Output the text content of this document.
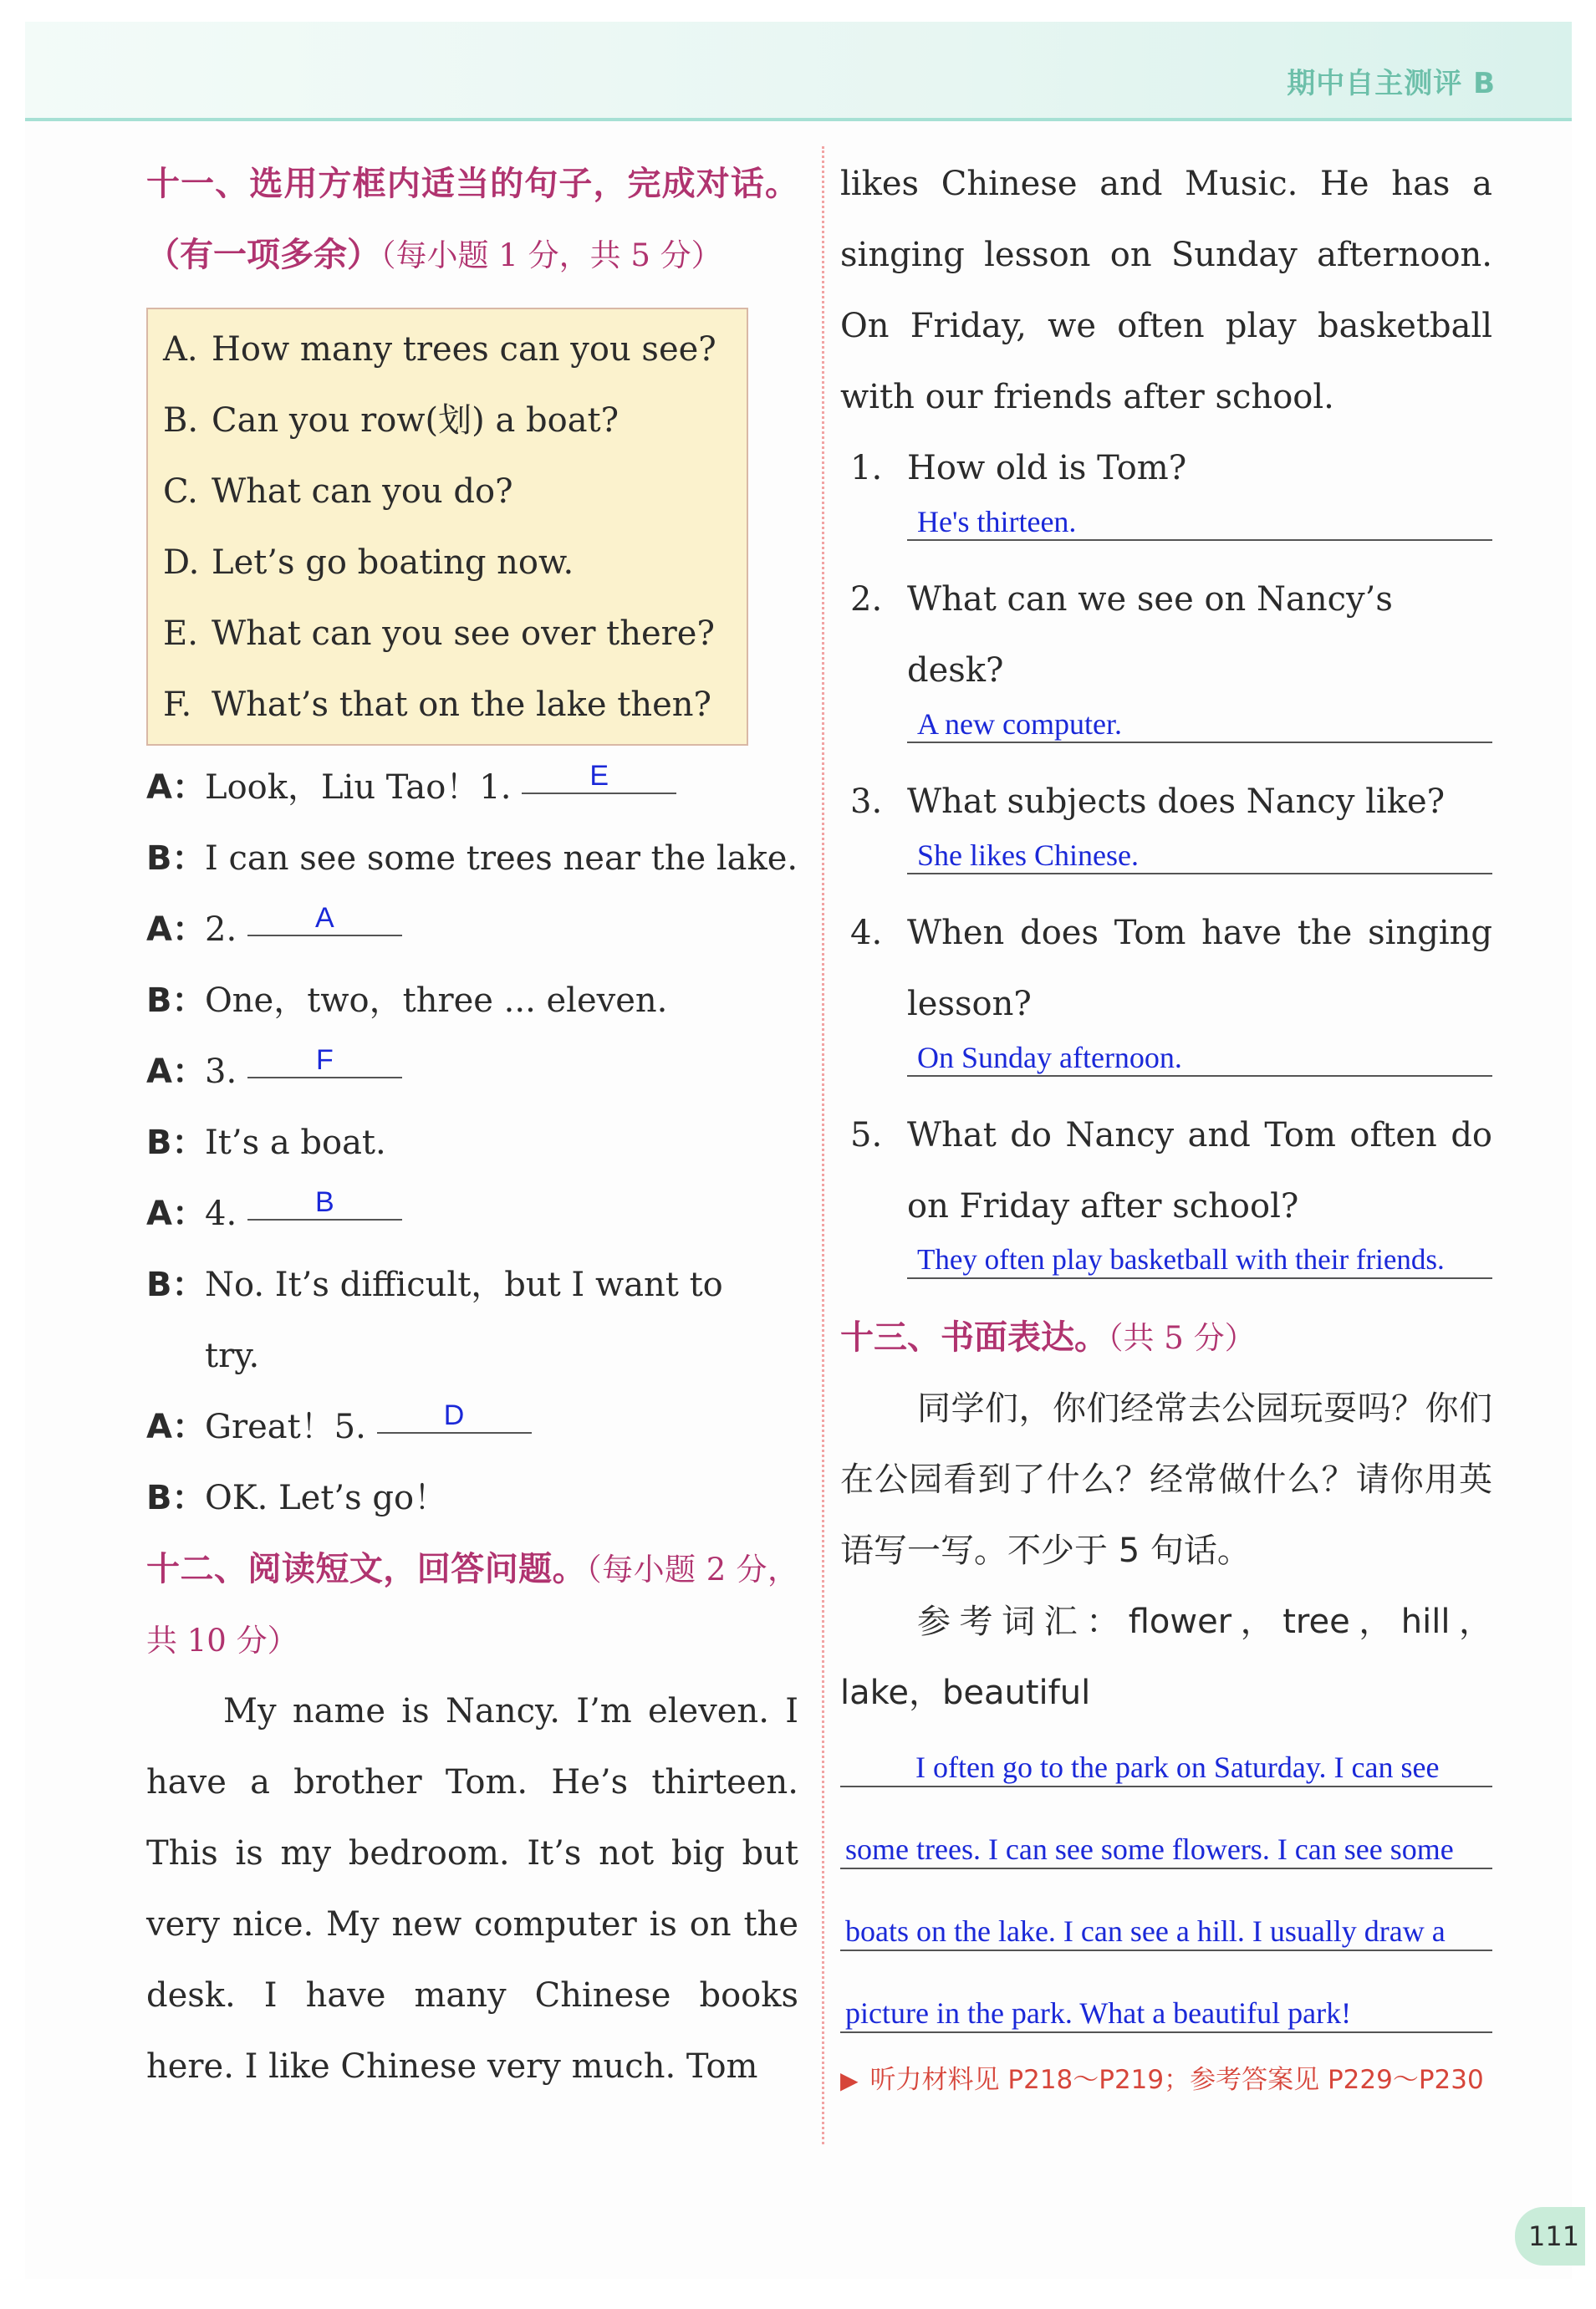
期中自主测评 B

十一、选用方框内适当的句子，完成对话。（有一项多余）（每小题 1 分，共 5 分）

A. How many trees can you see?
B. Can you row(划) a boat?
C. What can you do?
D. Let’s go boating now.
E. What can you see over there?
F. What’s that on the lake then?
A：Look，Liu Tao！1.	E
B：I can see some trees near the lake.
A：2.	A
B：One，two，three ... eleven.
A：3.	F
B：It’s a boat.
A：4.	B
B：No. It’s difficult，but I want to
try.
A：Great！5.	D
B：OK. Let’s go！

十二、阅读短文，回答问题。（每小题 2 分，共 10 分）

My name is Nancy. I’m eleven. I have a brother Tom. He’s thirteen. This is my bedroom. It’s not big but very nice. My new computer is on the desk. I have many Chinese books here. I like Chinese very much. Tom

likes Chinese and Music. He has a singing lesson on Sunday afternoon. On Friday, we often play basketball with our friends after school.

1. How old is Tom?
He's thirteen.
2. What can we see on Nancy’s desk?
A new computer.
3. What subjects does Nancy like?
She likes Chinese.
4. When does Tom have the singing lesson?
On Sunday afternoon.
5. What do Nancy and Tom often do on Friday after school?
They often play basketball with their friends.

十三、书面表达。（共 5 分）

同学们，你们经常去公园玩耍吗？你们在公园看到了什么？经常做什么？请你用英语写一写。不少于 5 句话。

参考词汇：flower，tree，hill，lake，beautiful

I often go to the park on Saturday. I can see
some trees. I can see some flowers. I can see some
boats on the lake. I can see a hill. I usually draw a
picture in the park. What a beautiful park!
▶ 听力材料见 P218～P219；参考答案见 P229～P230
111
